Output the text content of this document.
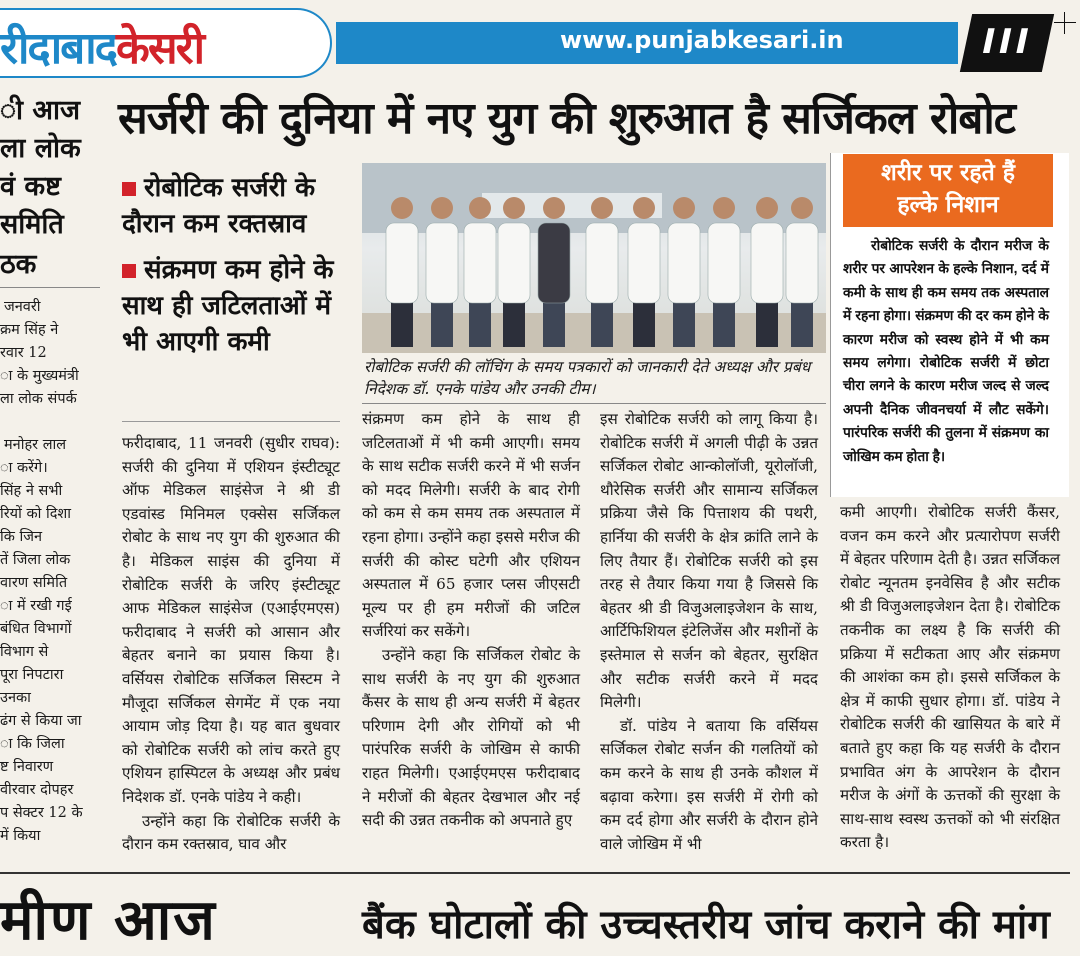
रीदाबादकेसरी	www.punjabkesari.in	III
ी आज
ला लोक
वं कष्ट
समिति
ठक
जनवरी
क्रम सिंह ने
रवार 12
ा के मुख्यमंत्री
ला लोक संपर्क
मनोहर लाल
ा करेंगे।
सिंह ने सभी
रियों को दिशा
कि जिन
तें जिला लोक
वारण समिति
ा में रखी गई
बंधित विभागों
विभाग से
पूरा निपटारा
उनका
ढंग से किया जा
ा कि जिला
ष्ट निवारण
वीरवार दोपहर
प सेक्टर 12 के
में किया
सर्जरी की दुनिया में नए युग की शुरुआत है सर्जिकल रोबोट
रोबोटिक सर्जरी के दौरान कम रक्तस्राव
संक्रमण कम होने के साथ ही जटिलताओं में भी आएगी कमी
रोबोटिक सर्जरी की लॉचिंग के समय पत्रकारों को जानकारी देते अध्यक्ष और प्रबंध निदेशक डॉ. एनके पांडेय और उनकी टीम।

फरीदाबाद, 11 जनवरी (सुधीर राघव): सर्जरी की दुनिया में एशियन इंस्टीट्यूट ऑफ मेडिकल साइंसेज ने श्री डी एडवांस्ड मिनिमल एक्सेस सर्जिकल रोबोट के साथ नए युग की शुरुआत की है। मेडिकल साइंस की दुनिया में रोबोटिक सर्जरी के जरिए इंस्टीट्यूट आफ मेडिकल साइंसेज (एआईएमएस) फरीदाबाद ने सर्जरी को आसान और बेहतर बनाने का प्रयास किया है। वर्सियस रोबोटिक सर्जिकल सिस्टम ने मौजूदा सर्जिकल सेगमेंट में एक नया आयाम जोड़ दिया है। यह बात बुधवार को रोबोटिक सर्जरी को लांच करते हुए एशियन हास्पिटल के अध्यक्ष और प्रबंध निदेशक डॉ. एनके पांडेय ने कही।

उन्होंने कहा कि रोबोटिक सर्जरी के दौरान कम रक्तस्राव, घाव और

संक्रमण कम होने के साथ ही जटिलताओं में भी कमी आएगी। समय के साथ सटीक सर्जरी करने में भी सर्जन को मदद मिलेगी। सर्जरी के बाद रोगी को कम से कम समय तक अस्पताल में रहना होगा। उन्होंने कहा इससे मरीज की सर्जरी की कोस्ट घटेगी और एशियन अस्पताल में 65 हजार प्लस जीएसटी मूल्य पर ही हम मरीजों की जटिल सर्जरियां कर सकेंगे।

उन्होंने कहा कि सर्जिकल रोबोट के साथ सर्जरी के नए युग की शुरुआत कैंसर के साथ ही अन्य सर्जरी में बेहतर परिणाम देगी और रोगियों को भी पारंपरिक सर्जरी के जोखिम से काफी राहत मिलेगी। एआईएमएस फरीदाबाद ने मरीजों की बेहतर देखभाल और नई सदी की उन्नत तकनीक को अपनाते हुए

इस रोबोटिक सर्जरी को लागू किया है। रोबोटिक सर्जरी में अगली पीढ़ी के उन्नत सर्जिकल रोबोट आन्कोलॉजी, यूरोलॉजी, थौरेसिक सर्जरी और सामान्य सर्जिकल प्रक्रिया जैसे कि पित्ताशय की पथरी, हार्निया की सर्जरी के क्षेत्र क्रांति लाने के लिए तैयार हैं। रोबोटिक सर्जरी को इस तरह से तैयार किया गया है जिससे कि बेहतर श्री डी विजुअलाइजेशन के साथ, आर्टिफिशियल इंटेलिजेंस और मशीनों के इस्तेमाल से सर्जन को बेहतर, सुरक्षित और सटीक सर्जरी करने में मदद मिलेगी।

डॉ. पांडेय ने बताया कि वर्सियस सर्जिकल रोबोट सर्जन की गलतियों को कम करने के साथ ही उनके कौशल में बढ़ावा करेगा। इस सर्जरी में रोगी को कम दर्द होगा और सर्जरी के दौरान होने वाले जोखिम में भी

कमी आएगी। रोबोटिक सर्जरी कैंसर, वजन कम करने और प्रत्यारोपण सर्जरी में बेहतर परिणाम देती है। उन्नत सर्जिकल रोबोट न्यूनतम इनवेसिव है और सटीक श्री डी विजुअलाइजेशन देता है। रोबोटिक तकनीक का लक्ष्य है कि सर्जरी की प्रक्रिया में सटीकता आए और संक्रमण की आशंका कम हो। इससे सर्जिकल के क्षेत्र में काफी सुधार होगा। डॉ. पांडेय ने रोबोटिक सर्जरी की खासियत के बारे में बताते हुए कहा कि यह सर्जरी के दौरान प्रभावित अंग के आपरेशन के दौरान मरीज के अंगों के ऊत्तकों की सुरक्षा के साथ-साथ स्वस्थ ऊत्तकों को भी संरक्षित करता है।

शरीर पर रहते हैं
हल्के निशान
रोबोटिक सर्जरी के दौरान मरीज के शरीर पर आपरेशन के हल्के निशान, दर्द में कमी के साथ ही कम समय तक अस्पताल में रहना होगा। संक्रमण की दर कम होने के कारण मरीज को स्वस्थ होने में भी कम समय लगेगा। रोबोटिक सर्जरी में छोटा चीरा लगने के कारण मरीज जल्द से जल्द अपनी दैनिक जीवनचर्या में लौट सकेंगे। पारंपरिक सर्जरी की तुलना में संक्रमण का जोखिम कम होता है।
मीण आज	बैंक घोटालों की उच्चस्तरीय जांच कराने की मांग
